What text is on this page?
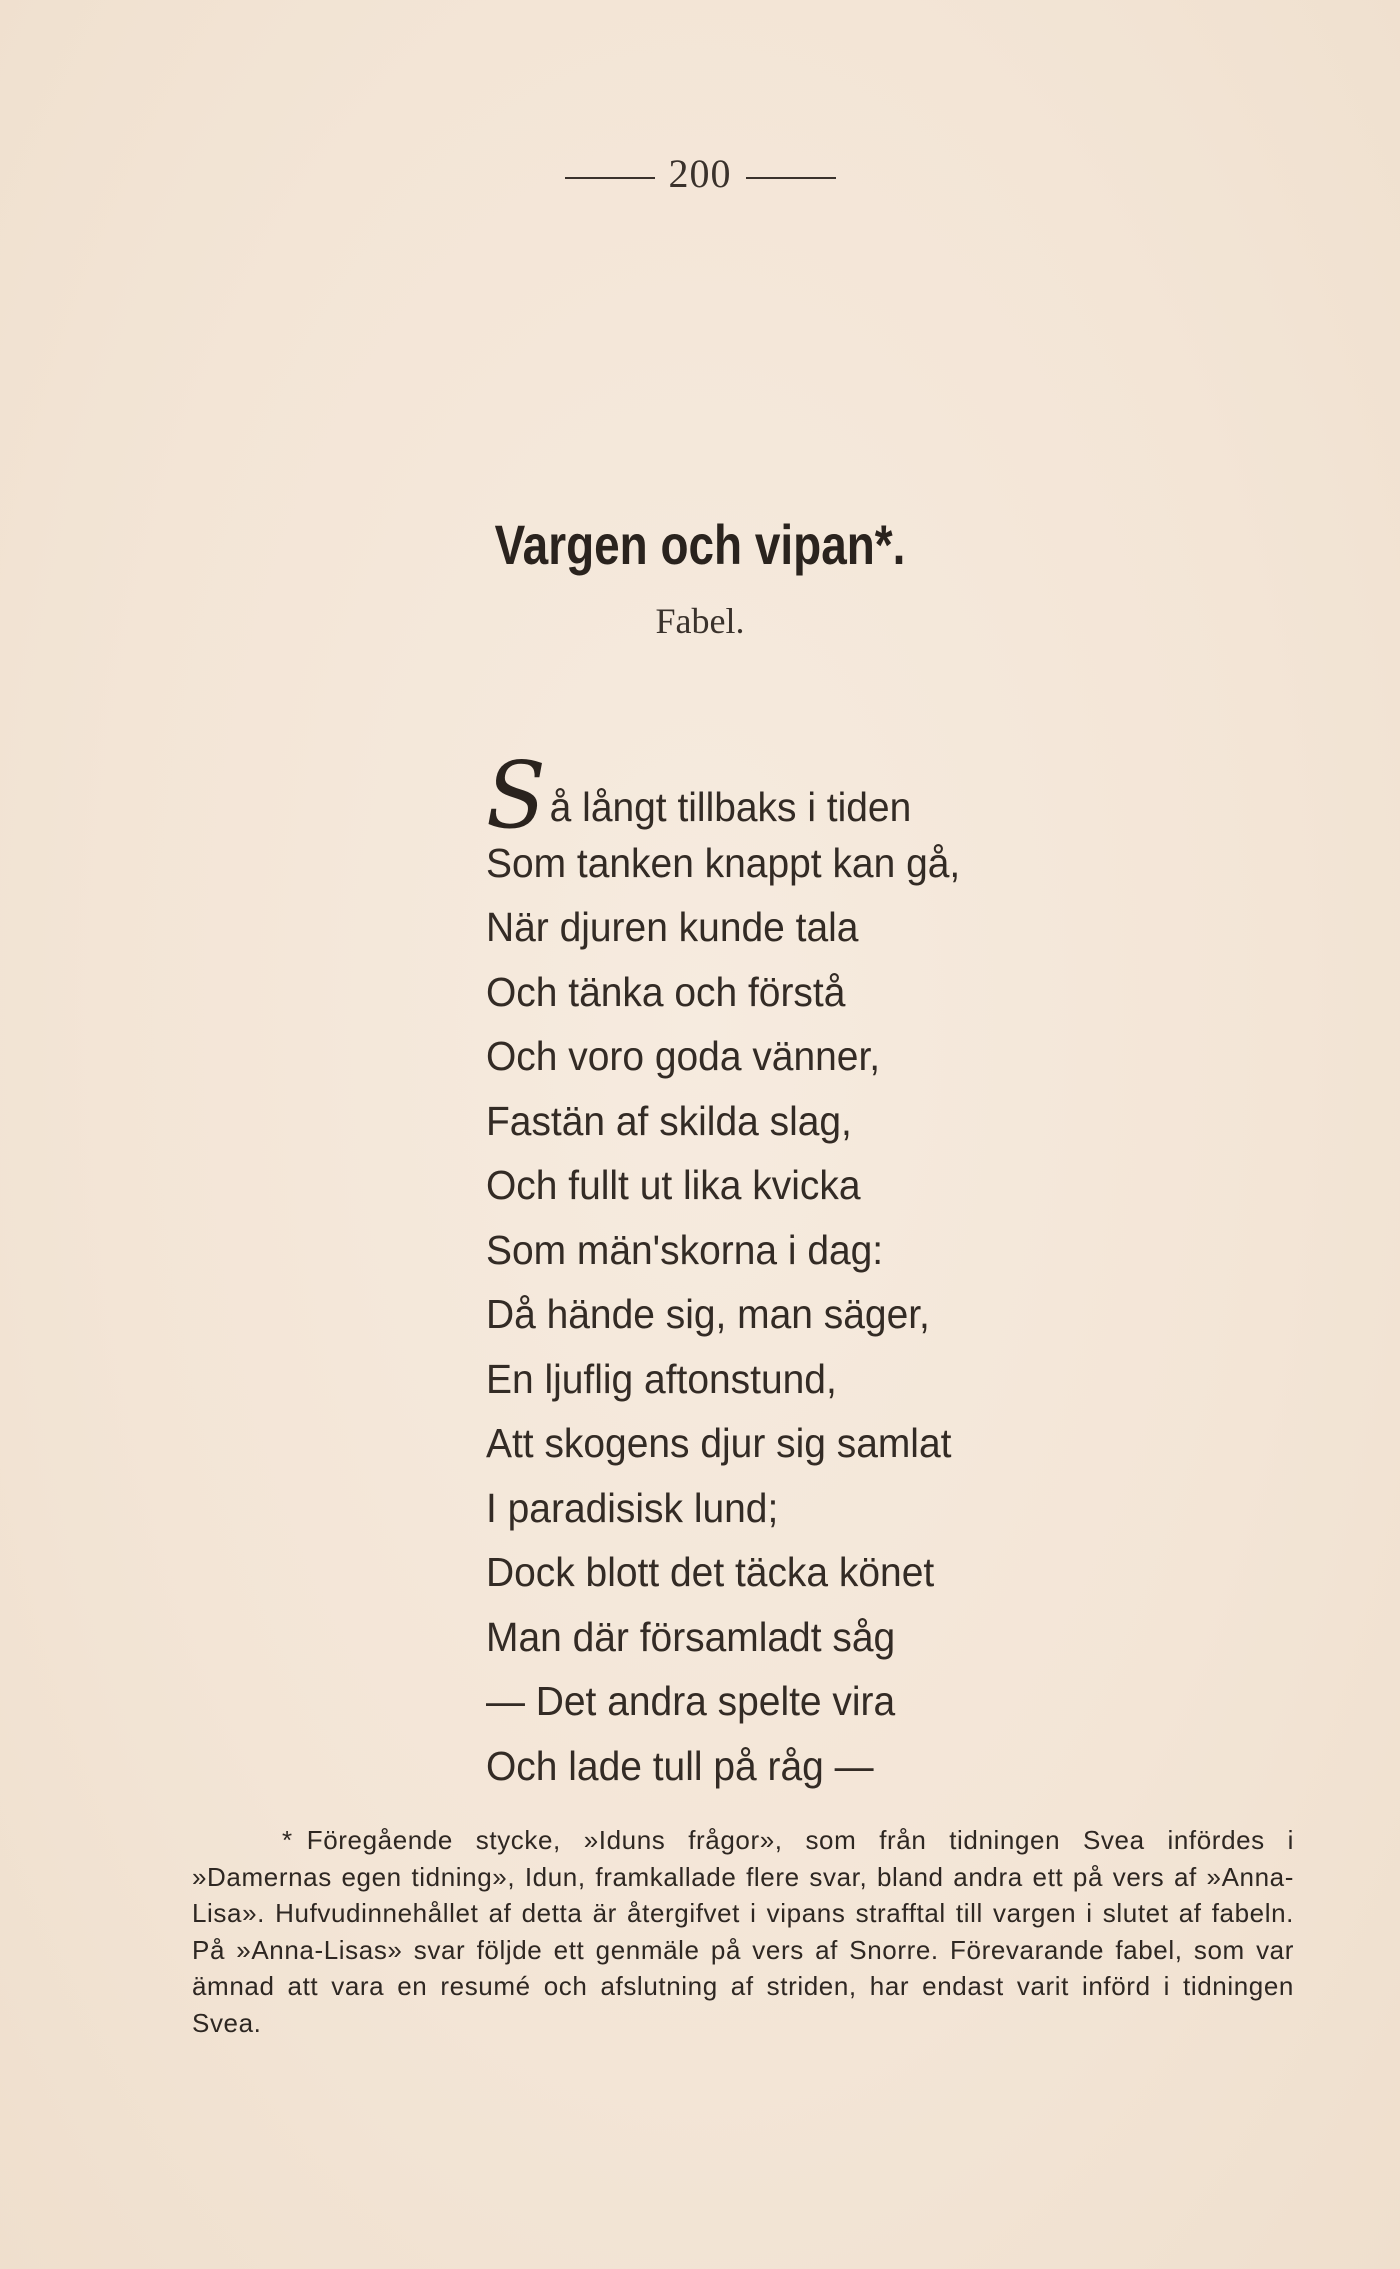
200
Vargen och vipan*.
Fabel.
Så långt tillbaks i tiden
Som tanken knappt kan gå,
När djuren kunde tala
Och tänka och förstå
Och voro goda vänner,
Fastän af skilda slag,
Och fullt ut lika kvicka
Som män'skorna i dag:
Då hände sig, man säger,
En ljuflig aftonstund,
Att skogens djur sig samlat
I paradisisk lund;
Dock blott det täcka könet
Man där församladt såg
— Det andra spelte vira
Och lade tull på råg —
* Föregående stycke, »Iduns frågor», som från tidningen Svea infördes i »Damernas egen tidning», Idun, framkallade flere svar, bland andra ett på vers af »Anna-Lisa». Hufvudinnehållet af detta är återgifvet i vipans strafftal till vargen i slutet af fabeln. På »Anna-Lisas» svar följde ett genmäle på vers af Snorre. Förevarande fabel, som var ämnad att vara en resumé och afslutning af striden, har endast varit införd i tidningen Svea.
